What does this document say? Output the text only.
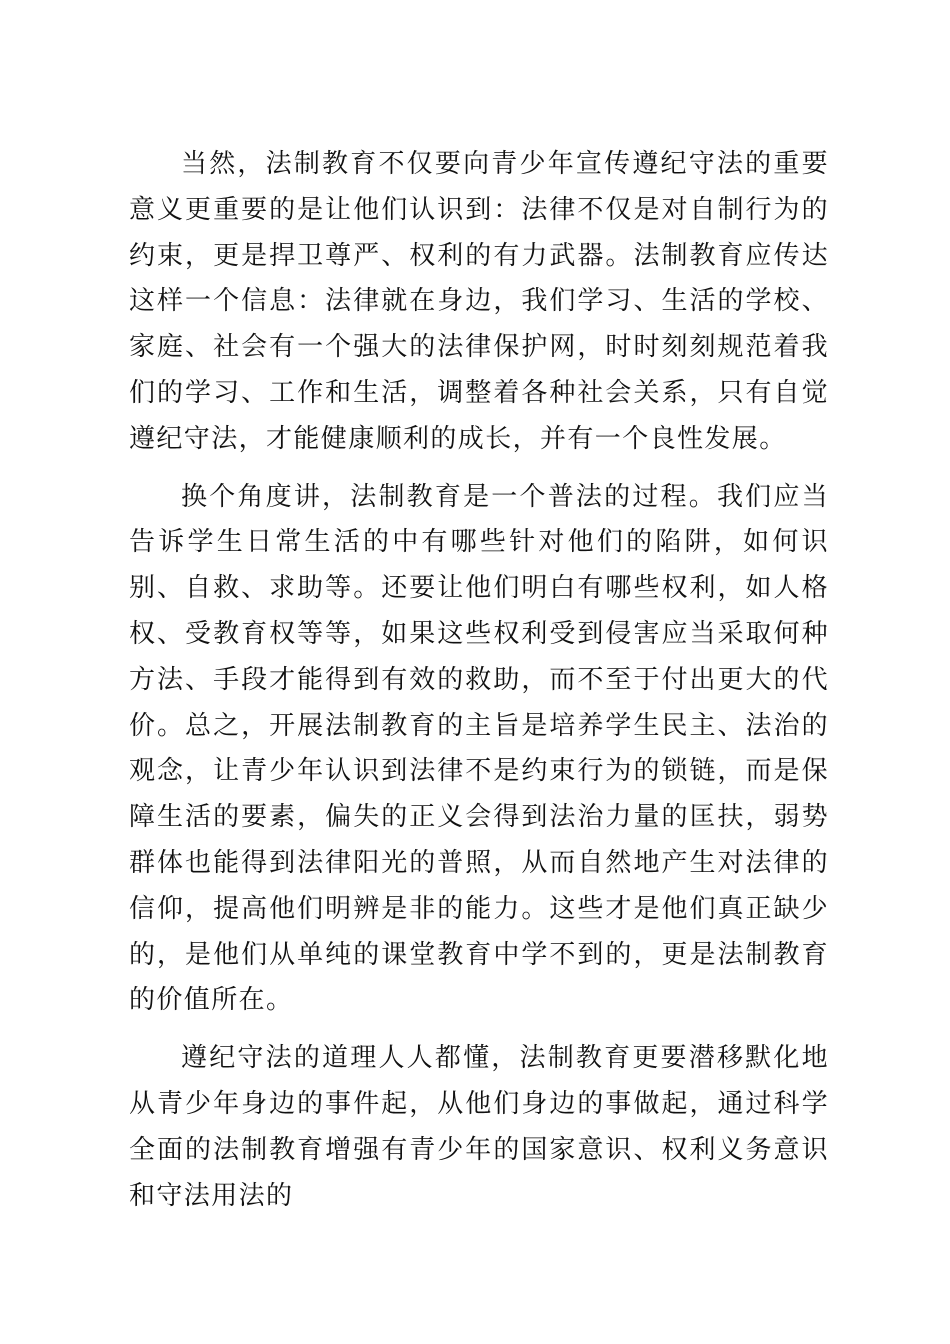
当然，法制教育不仅要向青少年宣传遵纪守法的重要意义更重要的是让他们认识到：法律不仅是对自制行为的约束，更是捍卫尊严、权利的有力武器。法制教育应传达这样一个信息：法律就在身边，我们学习、生活的学校、家庭、社会有一个强大的法律保护网，时时刻刻规范着我们的学习、工作和生活，调整着各种社会关系，只有自觉遵纪守法，才能健康顺利的成长，并有一个良性发展。

换个角度讲，法制教育是一个普法的过程。我们应当告诉学生日常生活的中有哪些针对他们的陷阱，如何识别、自救、求助等。还要让他们明白有哪些权利，如人格权、受教育权等等，如果这些权利受到侵害应当采取何种方法、手段才能得到有效的救助，而不至于付出更大的代价。总之，开展法制教育的主旨是培养学生民主、法治的观念，让青少年认识到法律不是约束行为的锁链，而是保障生活的要素，偏失的正义会得到法治力量的匡扶，弱势群体也能得到法律阳光的普照，从而自然地产生对法律的信仰，提高他们明辨是非的能力。这些才是他们真正缺少的，是他们从单纯的课堂教育中学不到的，更是法制教育的价值所在。

遵纪守法的道理人人都懂，法制教育更要潜移默化地从青少年身边的事件起，从他们身边的事做起，通过科学全面的法制教育增强有青少年的国家意识、权利义务意识和守法用法的
